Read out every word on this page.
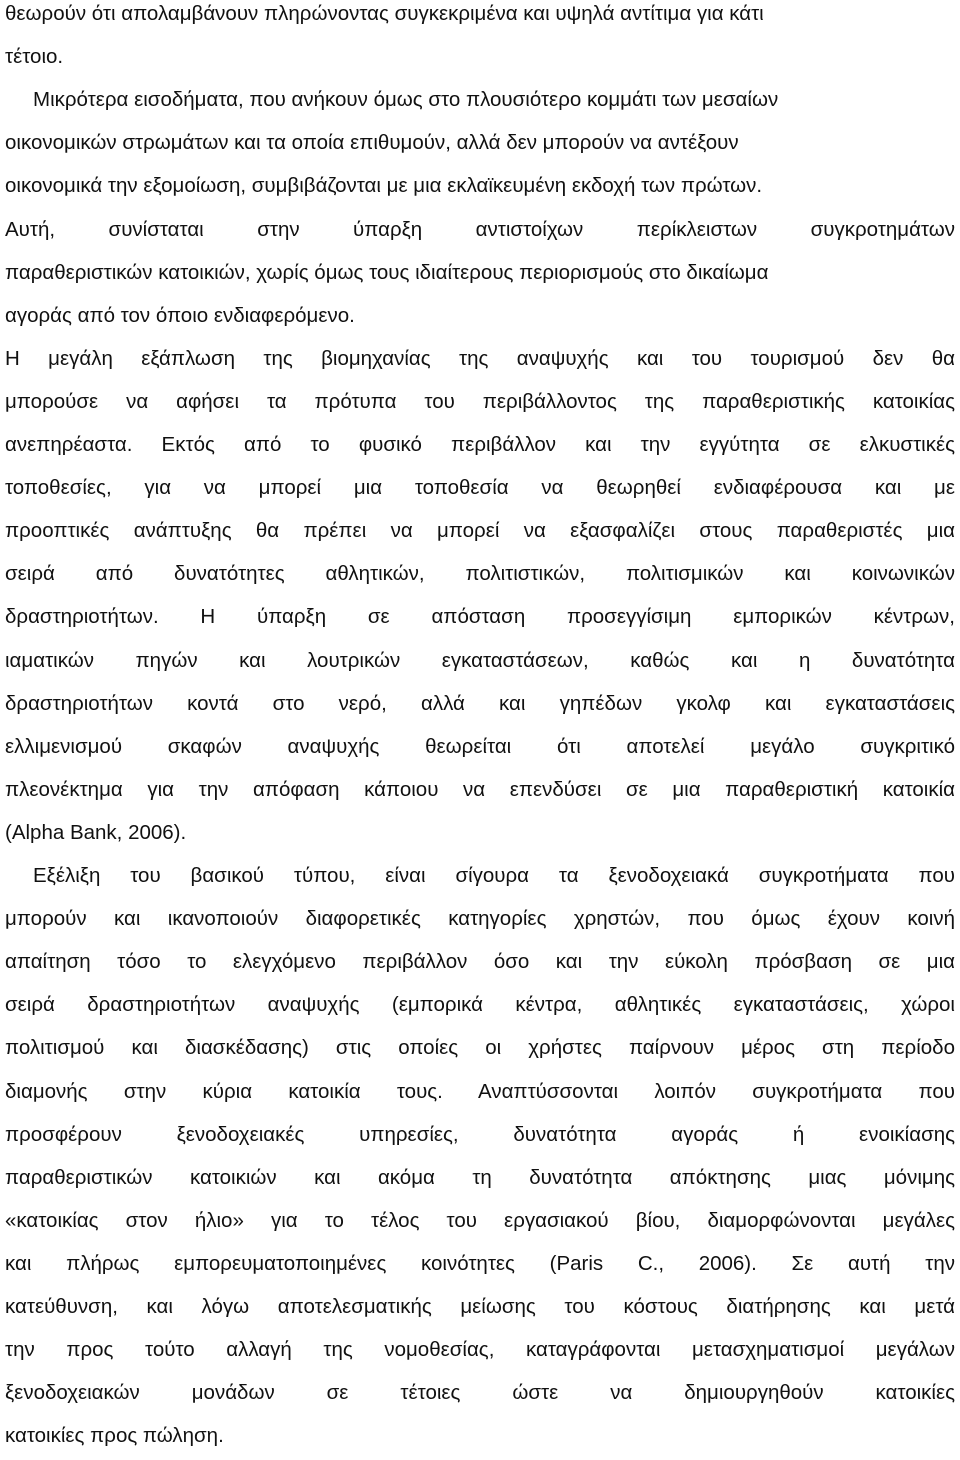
θεωρούν ότι απολαμβάνουν πληρώνοντας συγκεκριμένα και υψηλά αντίτιμα για κάτι
τέτοιο.
Μικρότερα εισοδήματα, που ανήκουν όμως στο πλουσιότερο κομμάτι των μεσαίων
οικονομικών στρωμάτων και τα οποία επιθυμούν, αλλά δεν μπορούν να αντέξουν
οικονομικά την εξομοίωση, συμβιβάζονται με μια εκλαϊκευμένη εκδοχή των πρώτων.
Αυτή, συνίσταται στην ύπαρξη αντιστοίχων περίκλειστων συγκροτημάτων
παραθεριστικών κατοικιών, χωρίς όμως τους ιδιαίτερους περιορισμούς στο δικαίωμα
αγοράς από τον όποιο ενδιαφερόμενο.
Η μεγάλη εξάπλωση της βιομηχανίας της αναψυχής και του τουρισμού δεν θα
μπορούσε να αφήσει τα πρότυπα του περιβάλλοντος της παραθεριστικής κατοικίας
ανεπηρέαστα. Εκτός από το φυσικό περιβάλλον και την εγγύτητα σε ελκυστικές
τοποθεσίες, για να μπορεί μια τοποθεσία να θεωρηθεί ενδιαφέρουσα και με
προοπτικές ανάπτυξης θα πρέπει να μπορεί να εξασφαλίζει στους παραθεριστές μια
σειρά από δυνατότητες αθλητικών, πολιτιστικών, πολιτισμικών και κοινωνικών
δραστηριοτήτων. Η ύπαρξη σε απόσταση προσεγγίσιμη εμπορικών κέντρων,
ιαματικών πηγών και λουτρικών εγκαταστάσεων, καθώς και η δυνατότητα
δραστηριοτήτων κοντά στο νερό, αλλά και γηπέδων γκολφ και εγκαταστάσεις
ελλιμενισμού σκαφών αναψυχής θεωρείται ότι αποτελεί μεγάλο συγκριτικό
πλεονέκτημα για την απόφαση κάποιου να επενδύσει σε μια παραθεριστική κατοικία
(Alpha Bank, 2006).
Εξέλιξη του βασικού τύπου, είναι σίγουρα τα ξενοδοχειακά συγκροτήματα που
μπορούν και ικανοποιούν διαφορετικές κατηγορίες χρηστών, που όμως έχουν κοινή
απαίτηση τόσο το ελεγχόμενο περιβάλλον όσο και την εύκολη πρόσβαση σε μια
σειρά δραστηριοτήτων αναψυχής (εμπορικά κέντρα, αθλητικές εγκαταστάσεις, χώροι
πολιτισμού και διασκέδασης) στις οποίες οι χρήστες παίρνουν μέρος στη περίοδο
διαμονής στην κύρια κατοικία τους. Αναπτύσσονται λοιπόν συγκροτήματα που
προσφέρουν ξενοδοχειακές υπηρεσίες, δυνατότητα αγοράς ή ενοικίασης
παραθεριστικών κατοικιών και ακόμα τη δυνατότητα απόκτησης μιας μόνιμης
«κατοικίας στον ήλιο» για το τέλος του εργασιακού βίου, διαμορφώνονται μεγάλες
και πλήρως εμπορευματοποιημένες κοινότητες (Paris C., 2006). Σε αυτή την
κατεύθυνση, και λόγω αποτελεσματικής μείωσης του κόστους διατήρησης και μετά
την προς τούτο αλλαγή της νομοθεσίας, καταγράφονται μετασχηματισμοί μεγάλων
ξενοδοχειακών μονάδων σε τέτοιες ώστε να δημιουργηθούν κατοικίες
κατοικίες προς πώληση.
